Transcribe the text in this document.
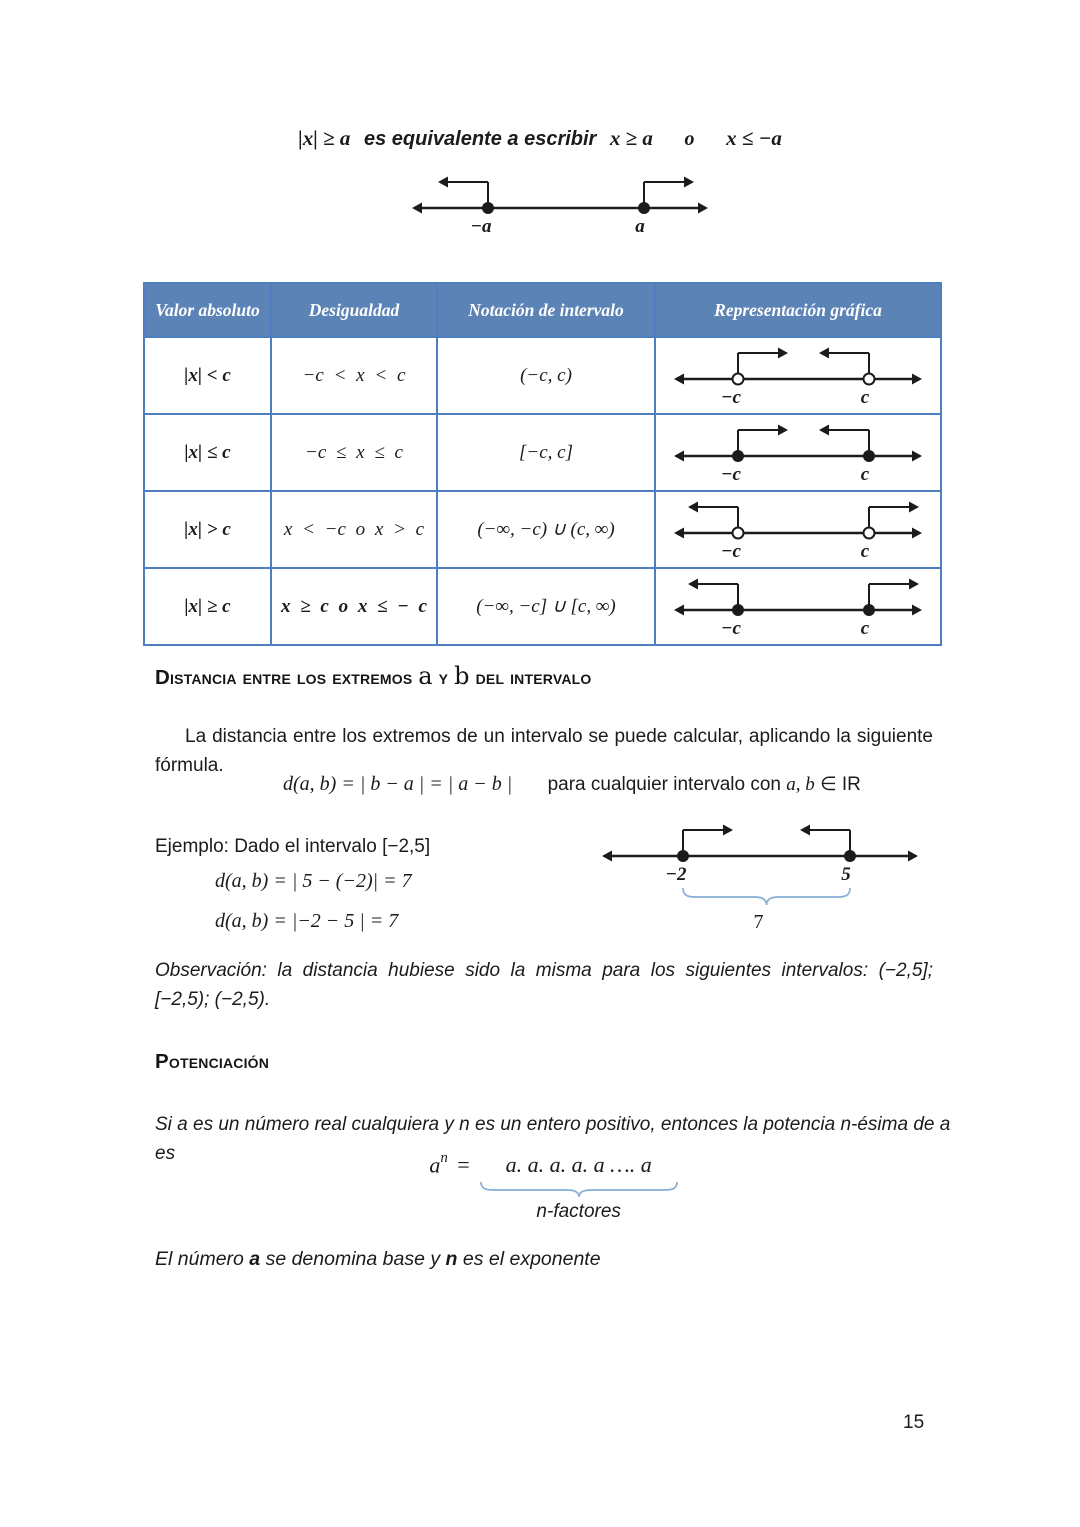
|x| ≥ a es equivalente a escribir x ≥ a o x ≤ −a
−a	a
Valor absoluto	Desigualdad	Notación de intervalo	Representación gráfica
|x| < c	−c < x < c	(−c, c)	−c c

|x| ≤ c	−c ≤ x ≤ c	[−c, c]	−c c

|x| > c	x < −c o x > c	(−∞, −c) ∪ (c, ∞)	−c c

|x| ≥ c	x ≥ c o x ≤ − c	(−∞, −c] ∪ [c, ∞)	−c c
Distancia entre los extremos a y b del intervalo

La distancia entre los extremos de un intervalo se puede calcular, aplicando la siguiente fórmula.

d(a, b) = | b − a | = | a − b | para cualquier intervalo con a, b ∈ IR
Ejemplo: Dado el intervalo [−2,5]
d(a, b) = | 5 − (−2)| = 7
d(a, b) = |−2 − 5 | = 7
−2	5
7

Observación: la distancia hubiese sido la misma para los siguientes intervalos: (−2,5]; [−2,5); (−2,5).

Potenciación

Si a es un número real cualquiera y n es un entero positivo, entonces la potencia n-ésima de a es	$a^n = a$. a. a. a. a …. a
n-factores
El número a se denomina base y n es el exponente
15
